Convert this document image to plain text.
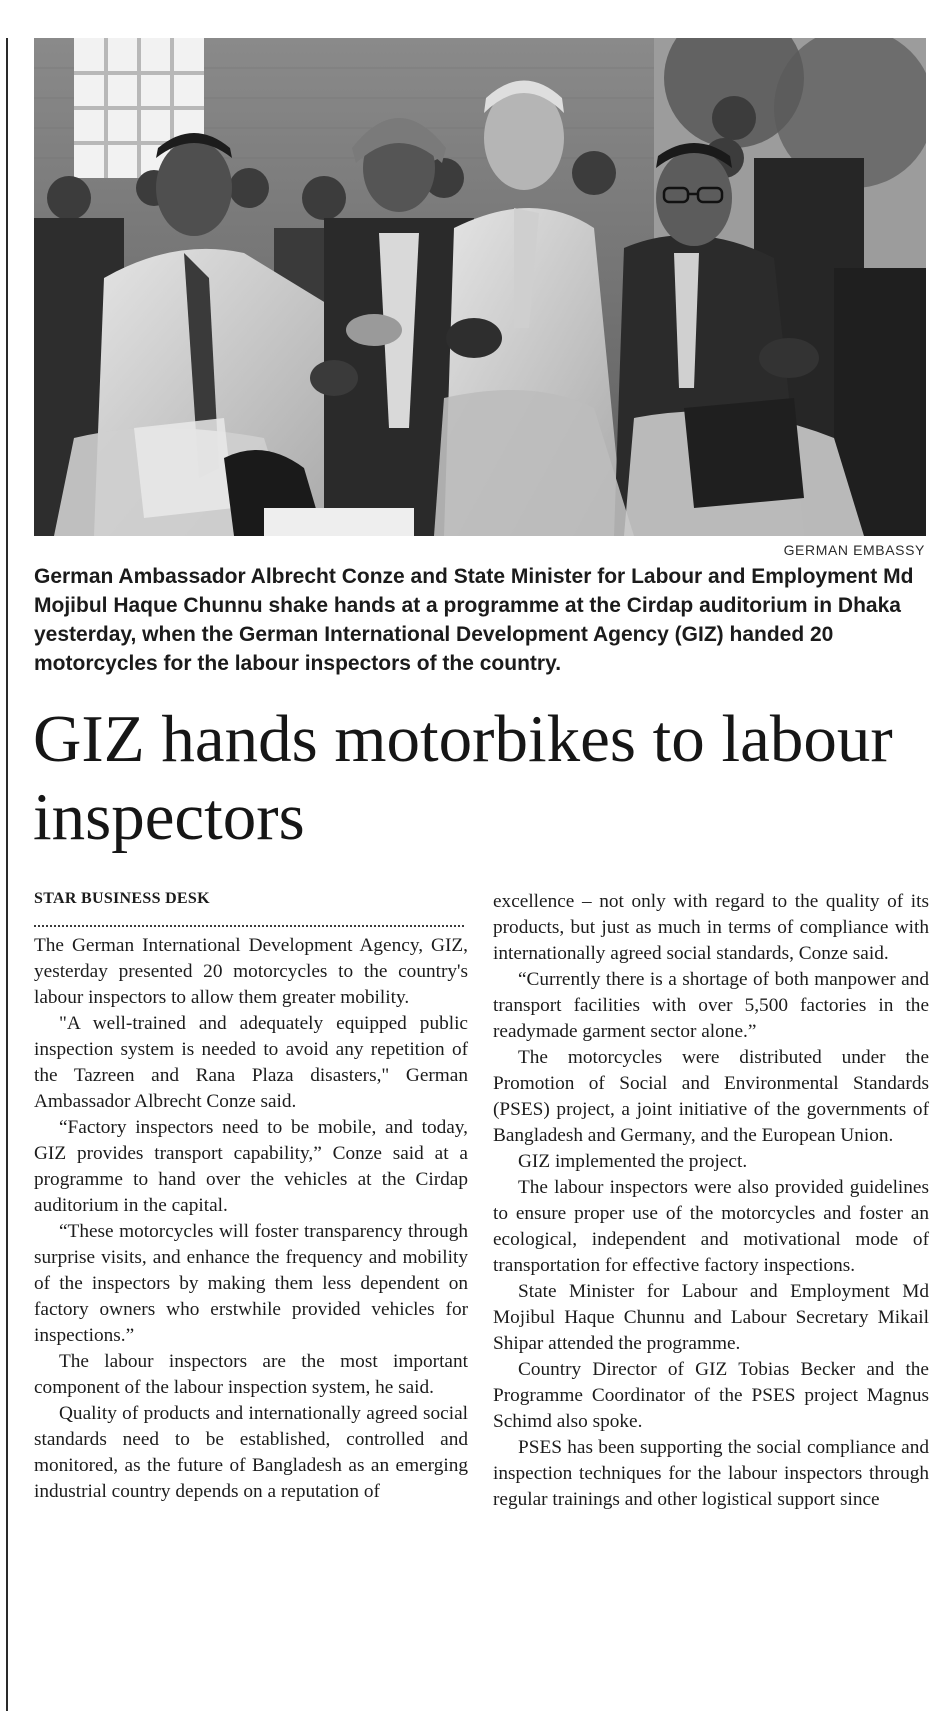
GERMAN EMBASSY
German Ambassador Albrecht Conze and State Minister for Labour and Employment Md Mojibul Haque Chunnu shake hands at a programme at the Cirdap auditorium in Dhaka yesterday, when the German International Development Agency (GIZ) handed 20 motorcycles for the labour inspectors of the country.
GIZ hands motorbikes to labour inspectors
STAR BUSINESS DESK

The German International Development Agency, GIZ, yesterday presented 20 motorcycles to the country's labour inspectors to allow them greater mobility.

"A well-trained and adequately equipped public inspection system is needed to avoid any repetition of the Tazreen and Rana Plaza disasters," German Ambassador Albrecht Conze said.

“Factory inspectors need to be mobile, and today, GIZ provides transport capability,” Conze said at a programme to hand over the vehicles at the Cirdap auditorium in the capital.

“These motorcycles will foster transparency through surprise visits, and enhance the frequency and mobility of the inspectors by making them less dependent on factory owners who erstwhile provided vehicles for inspections.”

The labour inspectors are the most important component of the labour inspection system, he said.

Quality of products and internationally agreed social standards need to be established, controlled and monitored, as the future of Bangladesh as an emerging industrial country depends on a reputation of

excellence – not only with regard to the quality of its products, but just as much in terms of compliance with internationally agreed social standards, Conze said.

“Currently there is a shortage of both manpower and transport facilities with over 5,500 factories in the readymade garment sector alone.”

The motorcycles were distributed under the Promotion of Social and Environmental Standards (PSES) project, a joint initiative of the governments of Bangladesh and Germany, and the European Union.

GIZ implemented the project.

The labour inspectors were also provided guidelines to ensure proper use of the motorcycles and foster an ecological, independent and motivational mode of transportation for effective factory inspections.

State Minister for Labour and Employment Md Mojibul Haque Chunnu and Labour Secretary Mikail Shipar attended the programme.

Country Director of GIZ Tobias Becker and the Programme Coordinator of the PSES project Magnus Schimd also spoke.

PSES has been supporting the social compliance and inspection techniques for the labour inspectors through regular trainings and other logistical support since
